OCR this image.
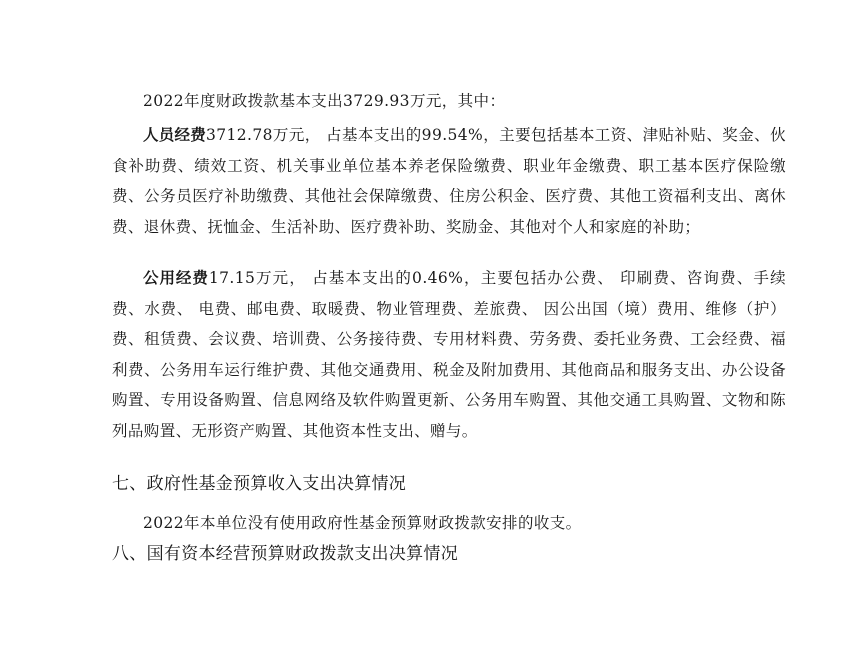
2022年度财政拨款基本支出3729.93万元，其中：

人员经费3712.78万元， 占基本支出的99.54%，主要包括基本工资、津贴补贴、奖金、伙食补助费、绩效工资、机关事业单位基本养老保险缴费、职业年金缴费、职工基本医疗保险缴费、公务员医疗补助缴费、其他社会保障缴费、住房公积金、医疗费、其他工资福利支出、离休费、退休费、抚恤金、生活补助、医疗费补助、奖励金、其他对个人和家庭的补助；

公用经费17.15万元， 占基本支出的0.46%，主要包括办公费、 印刷费、咨询费、手续费、水费、 电费、邮电费、取暖费、物业管理费、差旅费、 因公出国（境）费用、维修（护）费、租赁费、会议费、培训费、公务接待费、专用材料费、劳务费、委托业务费、工会经费、福利费、公务用车运行维护费、其他交通费用、税金及附加费用、其他商品和服务支出、办公设备购置、专用设备购置、信息网络及软件购置更新、公务用车购置、其他交通工具购置、文物和陈列品购置、无形资产购置、其他资本性支出、赠与。

七、政府性基金预算收入支出决算情况

2022年本单位没有使用政府性基金预算财政拨款安排的收支。

八、国有资本经营预算财政拨款支出决算情况
